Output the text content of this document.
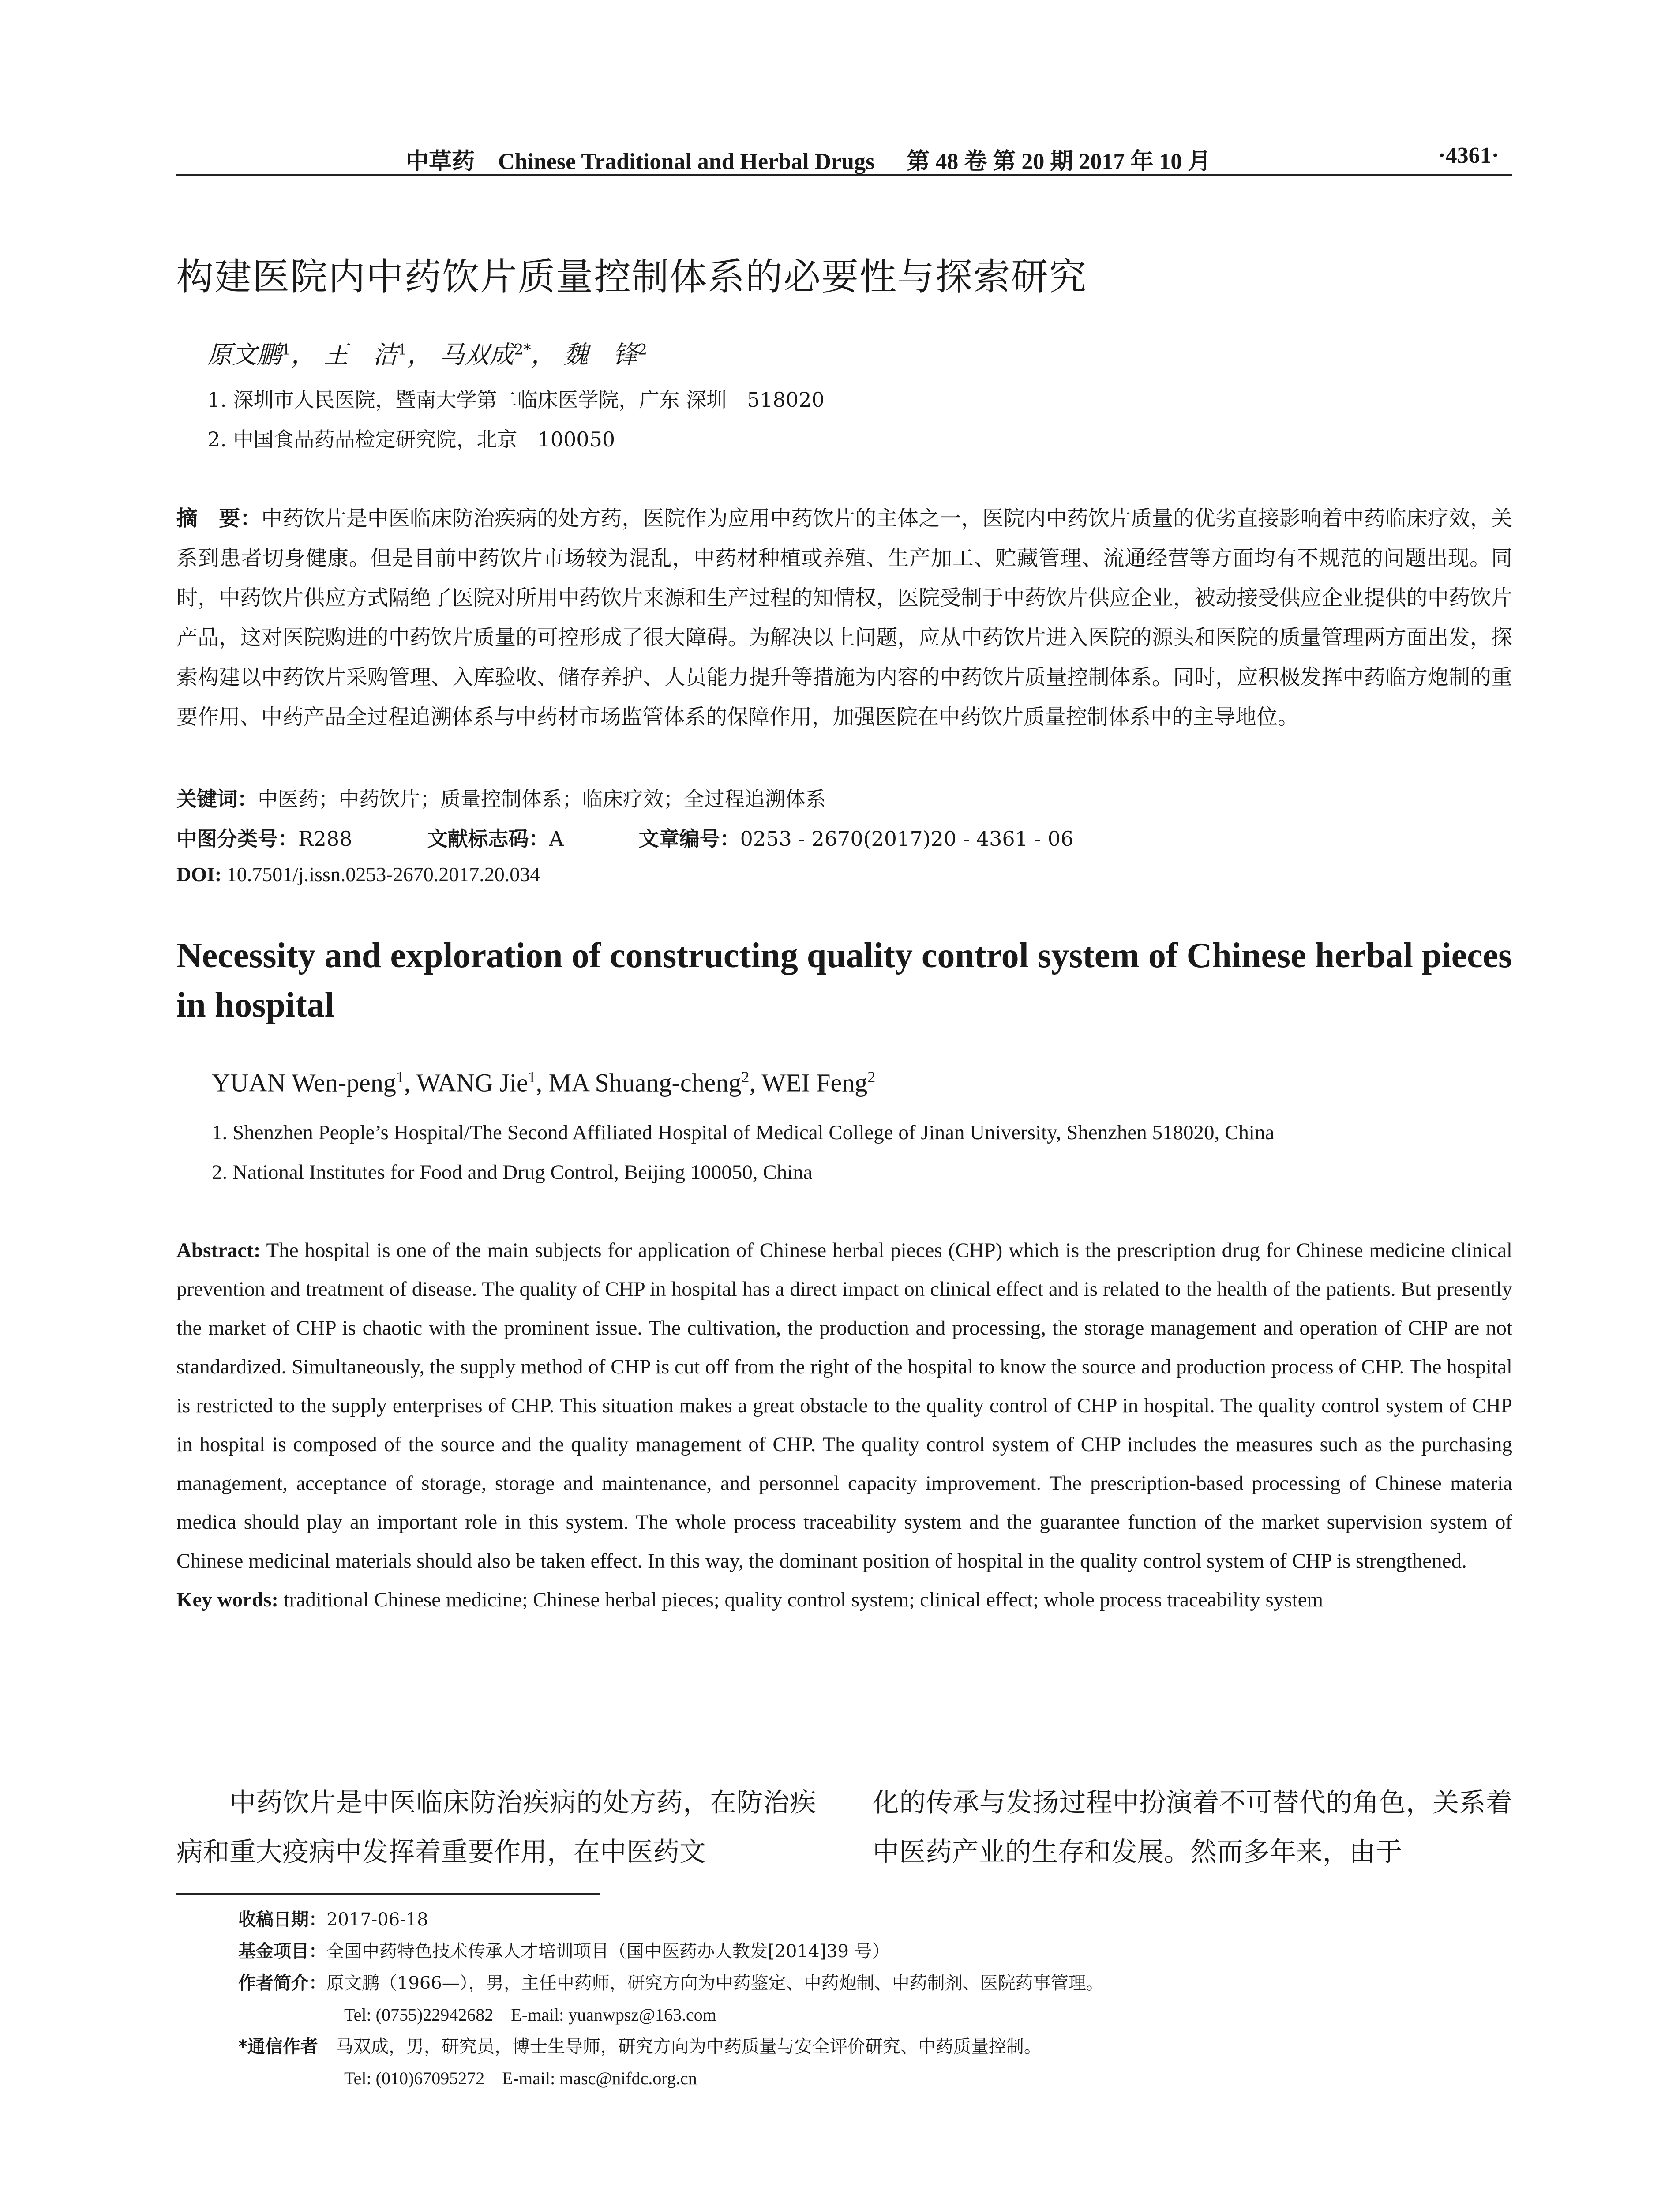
中草药 Chinese Traditional and Herbal Drugs 第 48 卷 第 20 期 2017 年 10 月	·4361·
构建医院内中药饮片质量控制体系的必要性与探索研究
原文鹏$^1$， 王　洁$^1$， 马双成$^{2*}$， 魏　锋$^2$
1. 深圳市人民医院，暨南大学第二临床医学院，广东 深圳　518020
2. 中国食品药品检定研究院，北京　100050
摘　要：中药饮片是中医临床防治疾病的处方药，医院作为应用中药饮片的主体之一，医院内中药饮片质量的优劣直接影响着中药临床疗效，关系到患者切身健康。但是目前中药饮片市场较为混乱，中药材种植或养殖、生产加工、贮藏管理、流通经营等方面均有不规范的问题出现。同时，中药饮片供应方式隔绝了医院对所用中药饮片来源和生产过程的知情权，医院受制于中药饮片供应企业，被动接受供应企业提供的中药饮片产品，这对医院购进的中药饮片质量的可控形成了很大障碍。为解决以上问题，应从中药饮片进入医院的源头和医院的质量管理两方面出发，探索构建以中药饮片采购管理、入库验收、储存养护、人员能力提升等措施为内容的中药饮片质量控制体系。同时，应积极发挥中药临方炮制的重要作用、中药产品全过程追溯体系与中药材市场监管体系的保障作用，加强医院在中药饮片质量控制体系中的主导地位。
关键词：中医药；中药饮片；质量控制体系；临床疗效；全过程追溯体系
中图分类号：R288	文献标志码：A	文章编号：0253 - 2670(2017)20 - 4361 - 06
DOI: 10.7501/j.issn.0253-2670.2017.20.034
Necessity and exploration of constructing quality control system of Chinese herbal pieces in hospital
YUAN Wen-peng$^1$, WANG Jie$^1$, MA Shuang-cheng$^2$, WEI Feng$^2$
1. Shenzhen People’s Hospital/The Second Affiliated Hospital of Medical College of Jinan University, Shenzhen 518020, China
2. National Institutes for Food and Drug Control, Beijing 100050, China
Abstract: The hospital is one of the main subjects for application of Chinese herbal pieces (CHP) which is the prescription drug for Chinese medicine clinical prevention and treatment of disease. The quality of CHP in hospital has a direct impact on clinical effect and is related to the health of the patients. But presently the market of CHP is chaotic with the prominent issue. The cultivation, the production and processing, the storage management and operation of CHP are not standardized. Simultaneously, the supply method of CHP is cut off from the right of the hospital to know the source and production process of CHP. The hospital is restricted to the supply enterprises of CHP. This situation makes a great obstacle to the quality control of CHP in hospital. The quality control system of CHP in hospital is composed of the source and the quality management of CHP. The quality control system of CHP includes the measures such as the purchasing management, acceptance of storage, storage and maintenance, and personnel capacity improvement. The prescription-based processing of Chinese materia medica should play an important role in this system. The whole process traceability system and the guarantee function of the market supervision system of Chinese medicinal materials should also be taken effect. In this way, the dominant position of hospital in the quality control system of CHP is strengthened.
Key words: traditional Chinese medicine; Chinese herbal pieces; quality control system; clinical effect; whole process traceability system
中药饮片是中医临床防治疾病的处方药，在防治疾病和重大疫病中发挥着重要作用，在中医药文
化的传承与发扬过程中扮演着不可替代的角色，关系着中医药产业的生存和发展。然而多年来，由于
收稿日期：2017-06-18
基金项目：全国中药特色技术传承人才培训项目（国中医药办人教发[2014]39 号）
作者简介：原文鹏（1966—），男，主任中药师，研究方向为中药鉴定、中药炮制、中药制剂、医院药事管理。
Tel: (0755)22942682　E-mail: yuanwpsz@163.com
*通信作者　 马双成，男，研究员，博士生导师，研究方向为中药质量与安全评价研究、中药质量控制。
Tel: (010)67095272　E-mail: masc@nifdc.org.cn
